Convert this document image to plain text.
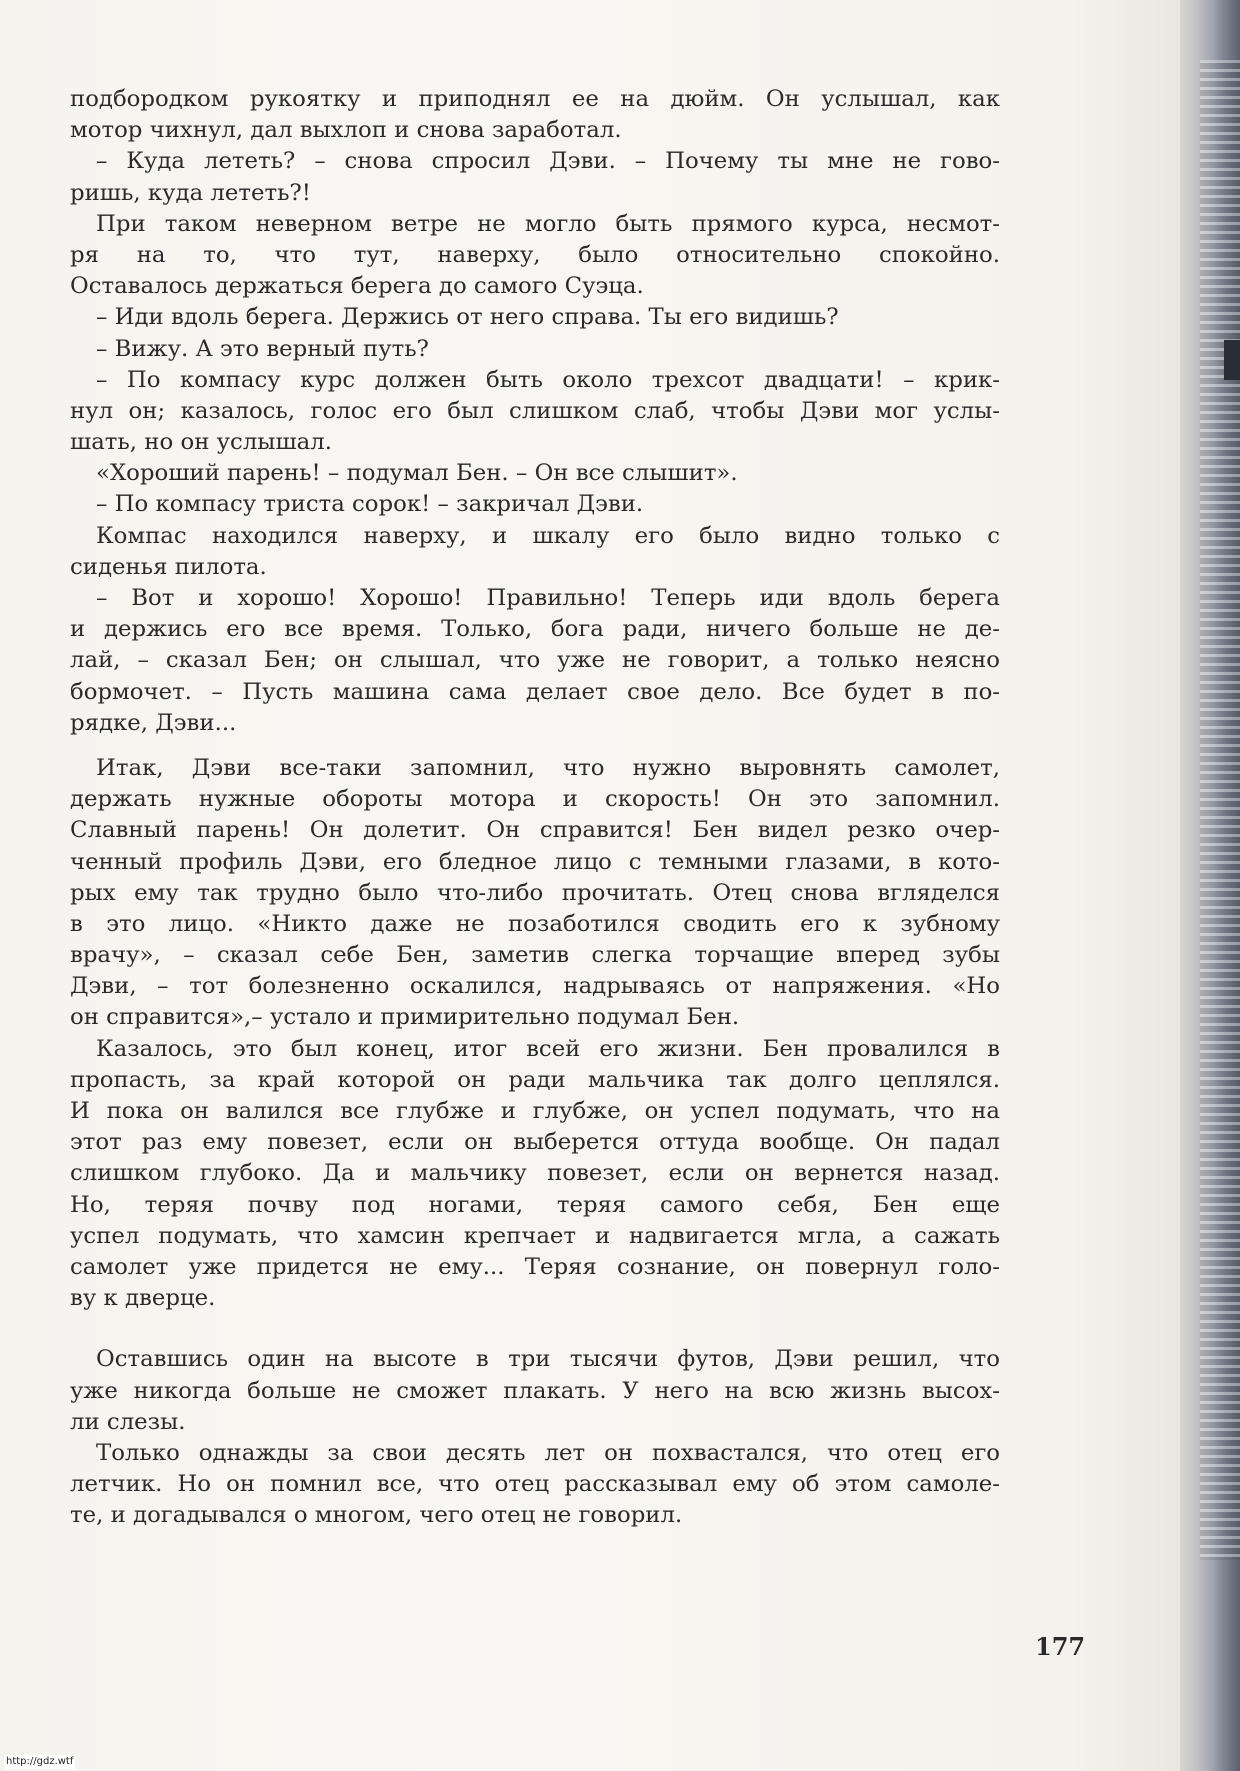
подбородком рукоятку и приподнял ее на дюйм. Он услышал, как
мотор чихнул, дал выхлоп и снова заработал.
– Куда лететь? – снова спросил Дэви. – Почему ты мне не гово-
ришь, куда лететь?!
При таком неверном ветре не могло быть прямого курса, несмот-
ря на то, что тут, наверху, было относительно спокойно.
Оставалось держаться берега до самого Суэца.
– Иди вдоль берега. Держись от него справа. Ты его видишь?
– Вижу. А это верный путь?
– По компасу курс должен быть около трехсот двадцати! – крик-
нул он; казалось, голос его был слишком слаб, чтобы Дэви мог услы-
шать, но он услышал.
«Хороший парень! – подумал Бен. – Он все слышит».
– По компасу триста сорок! – закричал Дэви.
Компас находился наверху, и шкалу его было видно только с
сиденья пилота.
– Вот и хорошо! Хорошо! Правильно! Теперь иди вдоль берега
и держись его все время. Только, бога ради, ничего больше не де-
лай, – сказал Бен; он слышал, что уже не говорит, а только неясно
бормочет. – Пусть машина сама делает свое дело. Все будет в по-
рядке, Дэви...
Итак, Дэви все-таки запомнил, что нужно выровнять самолет,
держать нужные обороты мотора и скорость! Он это запомнил.
Славный парень! Он долетит. Он справится! Бен видел резко очер-
ченный профиль Дэви, его бледное лицо с темными глазами, в кото-
рых ему так трудно было что-либо прочитать. Отец снова вгляделся
в это лицо. «Никто даже не позаботился сводить его к зубному
врачу», – сказал себе Бен, заметив слегка торчащие вперед зубы
Дэви, – тот болезненно оскалился, надрываясь от напряжения. «Но
он справится»,– устало и примирительно подумал Бен.
Казалось, это был конец, итог всей его жизни. Бен провалился в
пропасть, за край которой он ради мальчика так долго цеплялся.
И пока он валился все глубже и глубже, он успел подумать, что на
этот раз ему повезет, если он выберется оттуда вообще. Он падал
слишком глубоко. Да и мальчику повезет, если он вернется назад.
Но, теряя почву под ногами, теряя самого себя, Бен еще
успел подумать, что хамсин крепчает и надвигается мгла, а сажать
самолет уже придется не ему... Теряя сознание, он повернул голо-
ву к дверце.
Оставшись один на высоте в три тысячи футов, Дэви решил, что
уже никогда больше не сможет плакать. У него на всю жизнь высох-
ли слезы.
Только однажды за свои десять лет он похвастался, что отец его
летчик. Но он помнил все, что отец рассказывал ему об этом самоле-
те, и догадывался о многом, чего отец не говорил.
177
http://gdz.wtf
